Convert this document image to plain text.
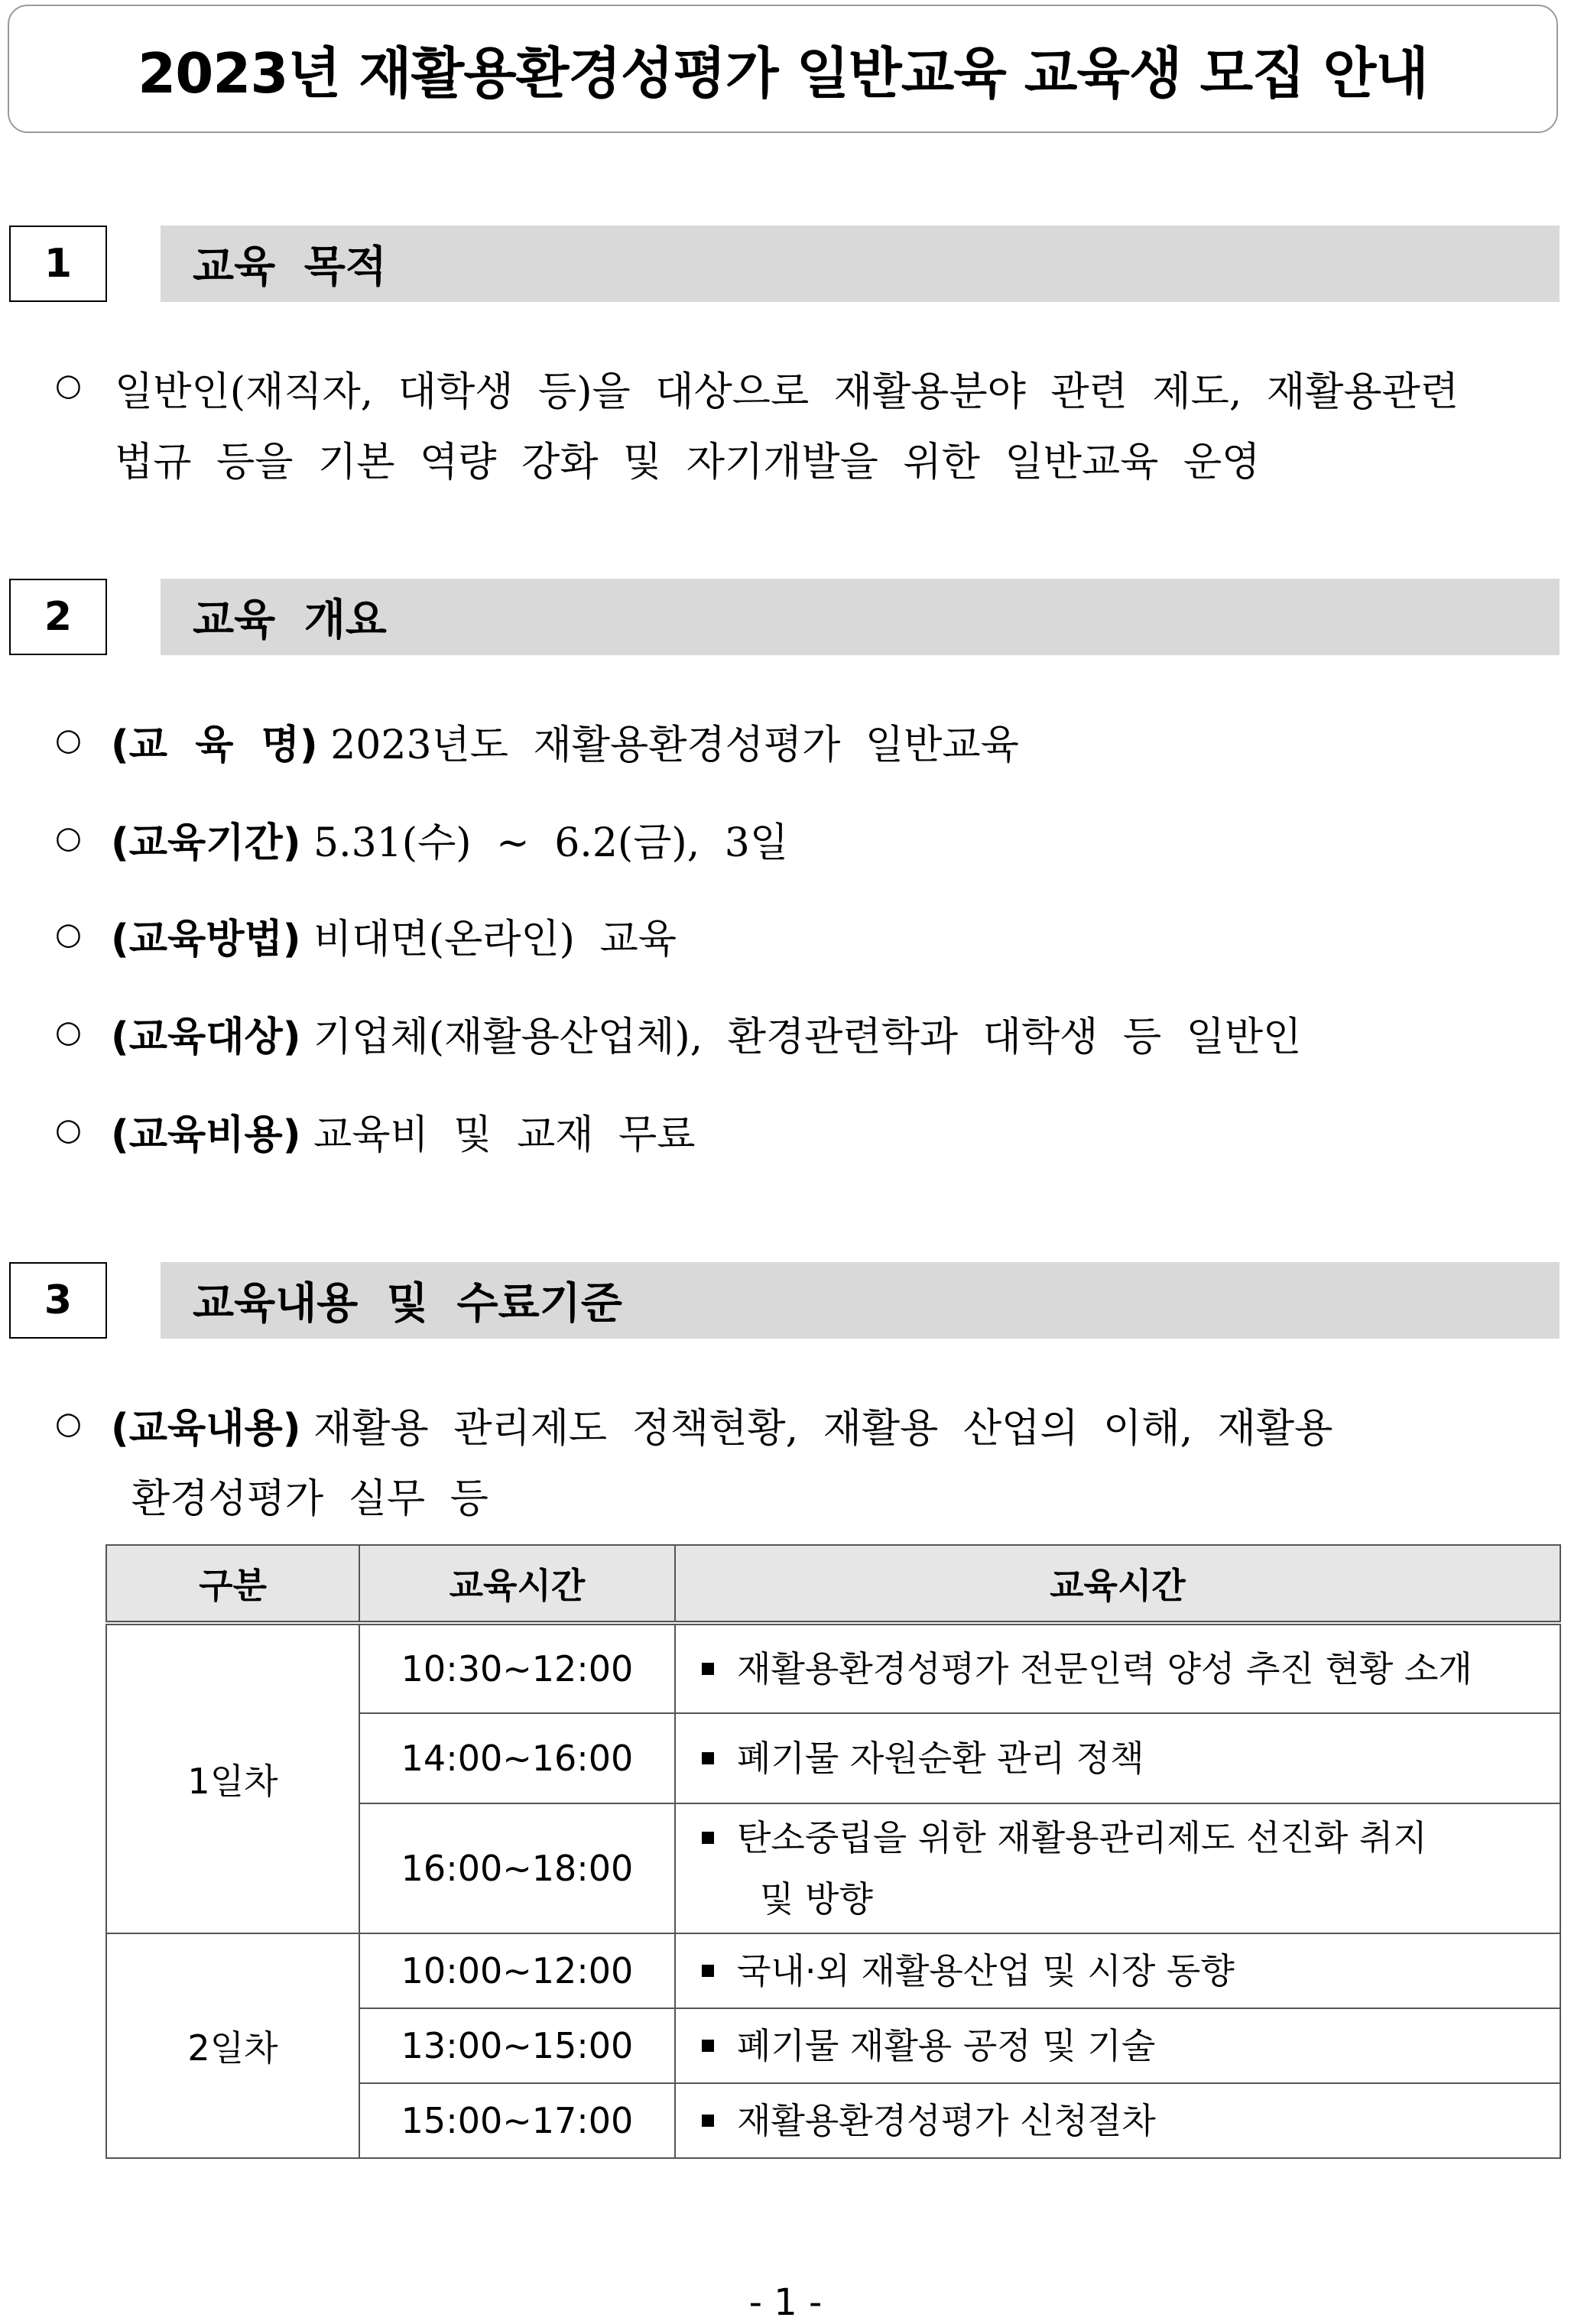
2023년 재활용환경성평가 일반교육 교육생 모집 안내
1	교육 목적
○ 일반인(재직자, 대학생 등)을 대상으로 재활용분야 관련 제도, 재활용관련
법규 등을 기본 역량 강화 및 자기개발을 위한 일반교육 운영
2	교육 개요
○ (교  육  명) 2023년도 재활용환경성평가 일반교육
○ (교육기간) 5.31(수) ~ 6.2(금), 3일
○ (교육방법) 비대면(온라인) 교육
○ (교육대상) 기업체(재활용산업체), 환경관련학과 대학생 등 일반인
○ (교육비용) 교육비 및 교재 무료
3	교육내용 및 수료기준
○ (교육내용) 재활용 관리제도 정책현황, 재활용 산업의 이해, 재활용
환경성평가 실무 등
구분	교육시간	교육시간
1일차	10:30~12:00	재활용환경성평가 전문인력 양성 추진 현황 소개
	14:00~16:00	폐기물 자원순환 관리 정책
	16:00~18:00	탄소중립을 위한 재활용관리제도 선진화 취지
및 방향

2일차	10:00~12:00	국내·외 재활용산업 및 시장 동향
	13:00~15:00	폐기물 재활용 공정 및 기술
	15:00~17:00	재활용환경성평가 신청절차
- 1 -
